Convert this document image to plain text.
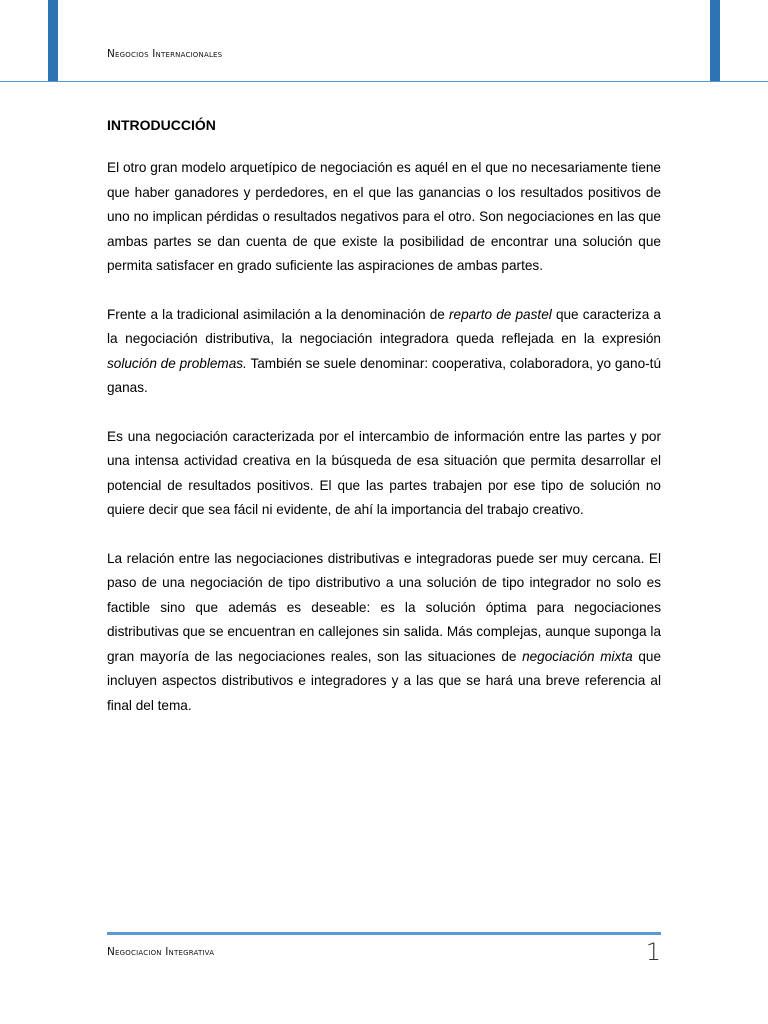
Negocios Internacionales
INTRODUCCIÓN

El otro gran modelo arquetípico de negociación es aquél en el que no necesariamente tiene que haber ganadores y perdedores, en el que las ganancias o los resultados positivos de uno no implican pérdidas o resultados negativos para el otro. Son negociaciones en las que ambas partes se dan cuenta de que existe la posibilidad de encontrar una solución que permita satisfacer en grado suficiente las aspiraciones de ambas partes.

Frente a la tradicional asimilación a la denominación de reparto de pastel que caracteriza a la negociación distributiva, la negociación integradora queda reflejada en la expresión solución de problemas. También se suele denominar: cooperativa, colaboradora, yo gano-tú ganas.

Es una negociación caracterizada por el intercambio de información entre las partes y por una intensa actividad creativa en la búsqueda de esa situación que permita desarrollar el potencial de resultados positivos. El que las partes trabajen por ese tipo de solución no quiere decir que sea fácil ni evidente, de ahí la importancia del trabajo creativo.

La relación entre las negociaciones distributivas e integradoras puede ser muy cercana. El paso de una negociación de tipo distributivo a una solución de tipo integrador no solo es factible sino que además es deseable: es la solución óptima para negociaciones distributivas que se encuentran en callejones sin salida. Más complejas, aunque suponga la gran mayoría de las negociaciones reales, son las situaciones de negociación mixta que incluyen aspectos distributivos e integradores y a las que se hará una breve referencia al final del tema.

Negociacion Integrativa	1
